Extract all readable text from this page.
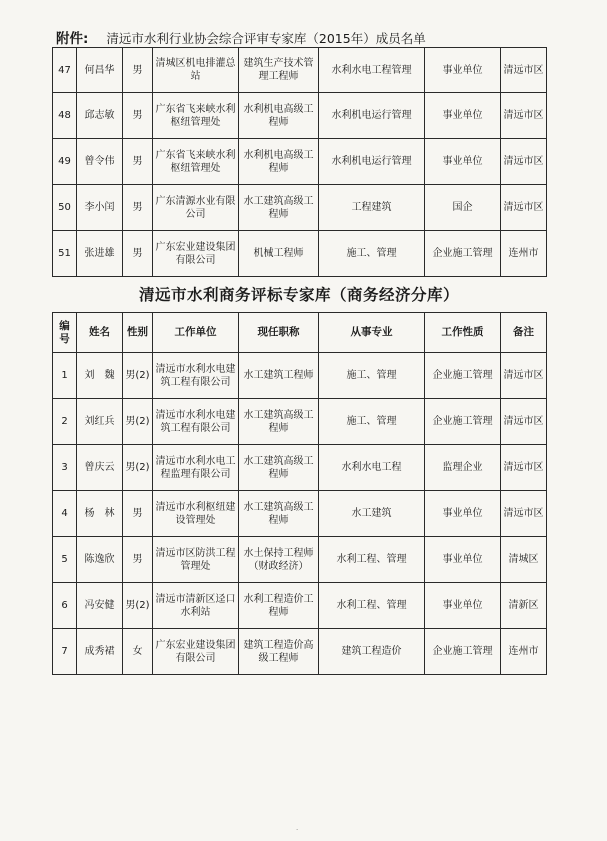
附件: 清远市水利行业协会综合评审专家库（2015年）成员名单
47	何昌华	男	清城区机电排灌总站	建筑生产技术管理工程师	水利水电工程管理	事业单位	清远市区
48	邱志敏	男	广东省飞来峡水利枢纽管理处	水利机电高级工程师	水利机电运行管理	事业单位	清远市区
49	曾令伟	男	广东省飞来峡水利枢纽管理处	水利机电高级工程师	水利机电运行管理	事业单位	清远市区
50	李小闰	男	广东清源水业有限公司	水工建筑高级工程师	工程建筑	国企	清远市区
51	张进雄	男	广东宏业建设集团有限公司	机械工程师	施工、管理	企业施工管理	连州市
清远市水利商务评标专家库（商务经济分库）
编号	姓名	性别	工作单位	现任职称	从事专业	工作性质	备注
1	刘　魏	男(2)	清远市水利水电建筑工程有限公司	水工建筑工程师	施工、管理	企业施工管理	清远市区
2	刘红兵	男(2)	清远市水利水电建筑工程有限公司	水工建筑高级工程师	施工、管理	企业施工管理	清远市区
3	曾庆云	男(2)	清远市水利水电工程监理有限公司	水工建筑高级工程师	水利水电工程	监理企业	清远市区
4	杨　林	男	清远市水利枢纽建设管理处	水工建筑高级工程师	水工建筑	事业单位	清远市区
5	陈逸欣	男	清远市区防洪工程管理处	水土保持工程师（财政经济）	水利工程、管理	事业单位	清城区
6	冯安健	男(2)	清远市清新区迳口水利站	水利工程造价工程师	水利工程、管理	事业单位	清新区
7	成秀裙	女	广东宏业建设集团有限公司	建筑工程造价高级工程师	建筑工程造价	企业施工管理	连州市
·
